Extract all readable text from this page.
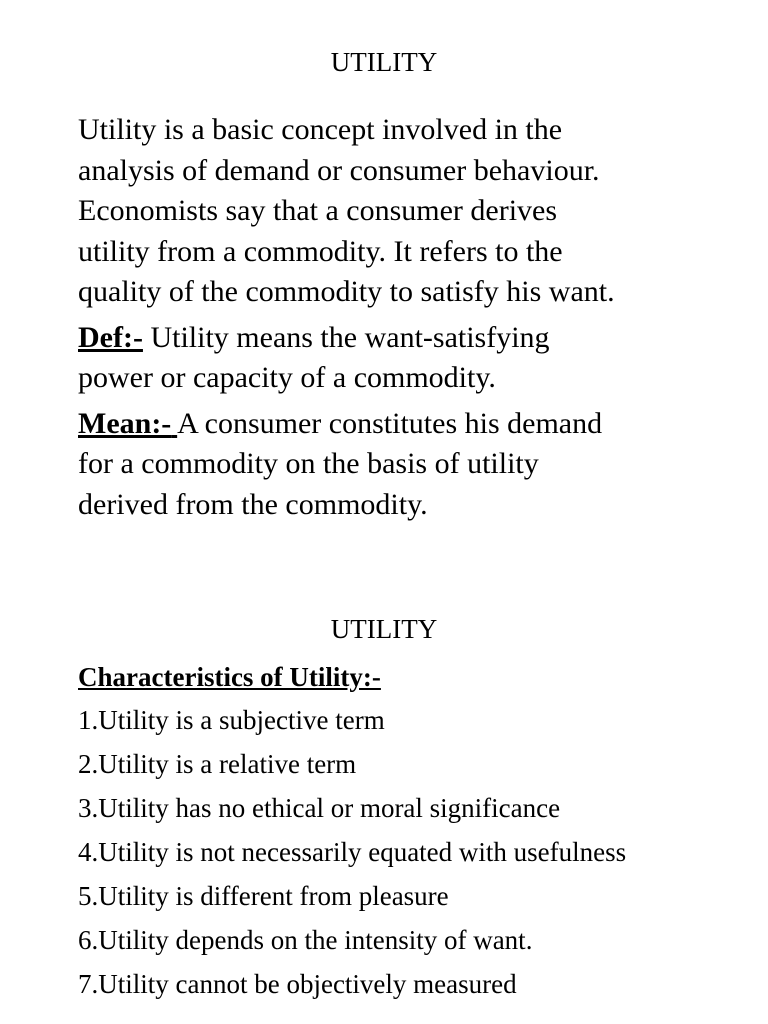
UTILITY

Utility is a basic concept involved in the

analysis of demand or consumer behaviour.

Economists say that a consumer derives

utility from a commodity. It refers to the

quality of the commodity to satisfy his want.

Def:- Utility means the want-satisfying

power or capacity of a commodity.

Mean:- A consumer constitutes his demand

for a commodity on the basis of utility

derived from the commodity.

UTILITY
Characteristics of Utility:-
1.Utility is a subjective term
2.Utility is a relative term
3.Utility has no ethical or moral significance
4.Utility is not necessarily equated with usefulness
5.Utility is different from pleasure
6.Utility depends on the intensity of want.
7.Utility cannot be objectively measured
